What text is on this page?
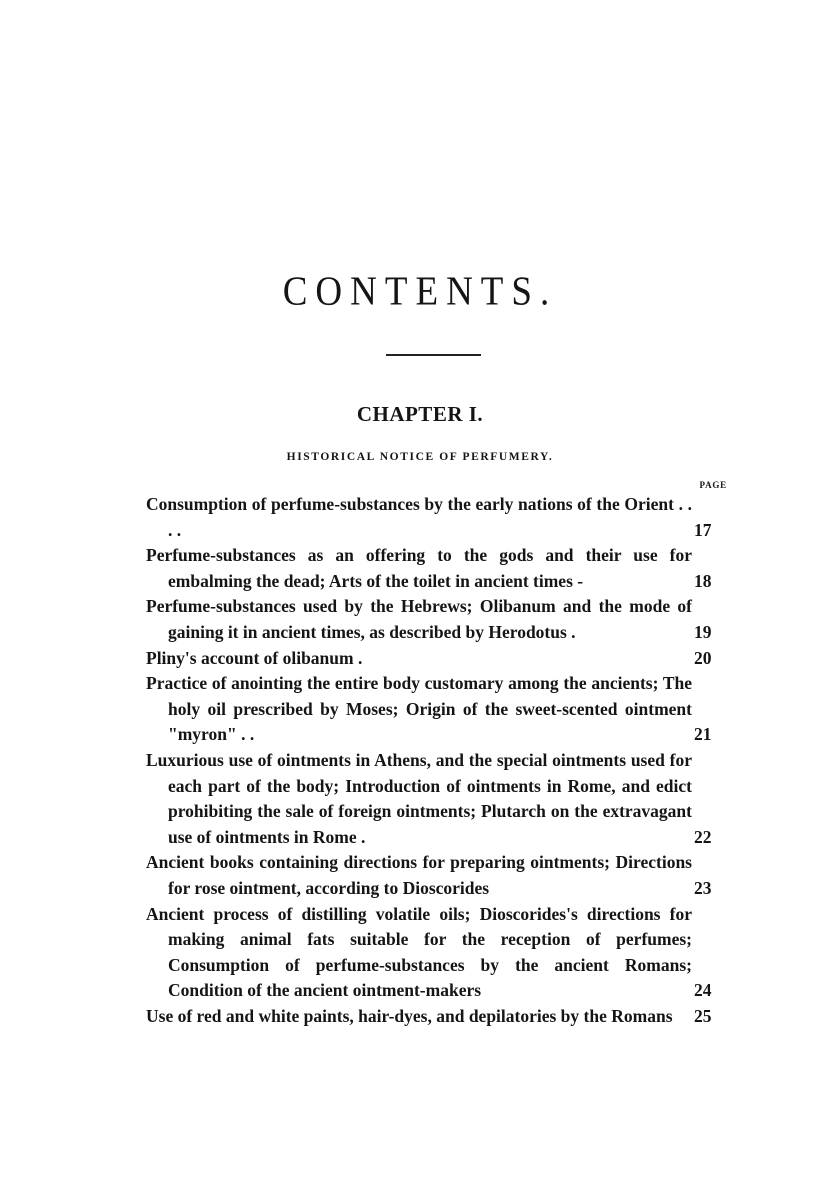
CONTENTS.
CHAPTER I.
HISTORICAL NOTICE OF PERFUMERY.
PAGE
Consumption of perfume-substances by the early nations of the Orient . . . .	17
Perfume-substances as an offering to the gods and their use for embalming the dead; Arts of the toilet in ancient times -	18
Perfume-substances used by the Hebrews; Olibanum and the mode of gaining it in ancient times, as described by Herodotus .	19
Pliny's account of olibanum .	20
Practice of anointing the entire body customary among the ancients; The holy oil prescribed by Moses; Origin of the sweet-scented ointment "myron" . .	21
Luxurious use of ointments in Athens, and the special ointments used for each part of the body; Introduction of ointments in Rome, and edict prohibiting the sale of foreign ointments; Plutarch on the extravagant use of ointments in Rome .	22
Ancient books containing directions for preparing ointments; Directions for rose ointment, according to Dioscorides	23
Ancient process of distilling volatile oils; Dioscorides's directions for making animal fats suitable for the reception of perfumes; Consumption of perfume-substances by the ancient Romans; Condition of the ancient ointment-makers	24
Use of red and white paints, hair-dyes, and depilatories by the Romans 25
